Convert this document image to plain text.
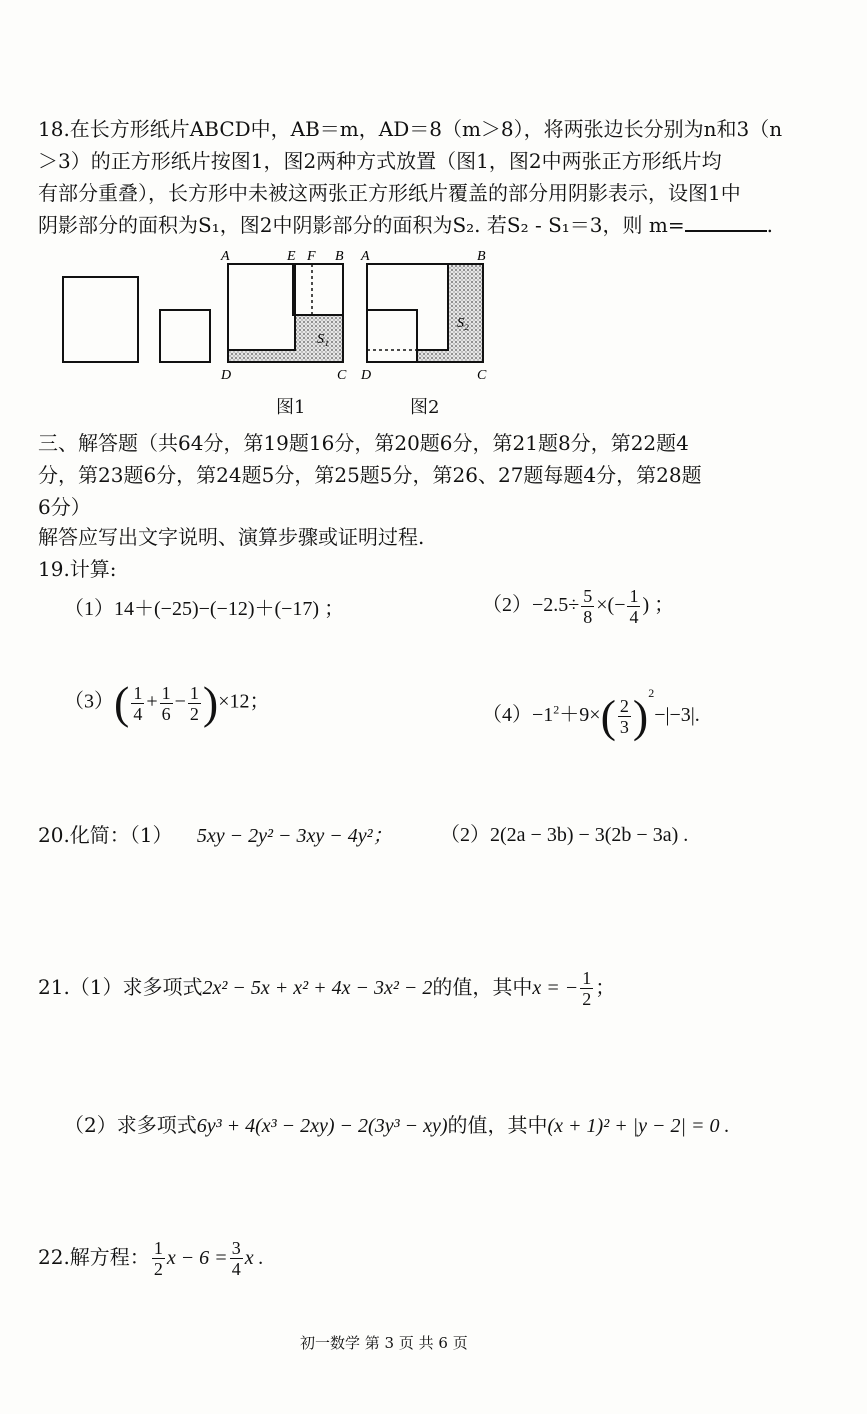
18.在长方形纸片ABCD中，AB＝m，AD＝8（m＞8），将两张边长分别为n和3（n
＞3）的正方形纸片按图1，图2两种方式放置（图1，图2中两张正方形纸片均
有部分重叠），长方形中未被这两张正方形纸片覆盖的部分用阴影表示，设图1中
阴影部分的面积为S₁，图2中阴影部分的面积为S₂. 若S₂ - S₁＝3，则 m=	.
S₁
A	E F B
D	C
S₂
A	B
D	C
图1	图2
三、解答题（共64分，第19题16分，第20题6分，第21题8分，第22题4
分，第23题6分，第24题5分，第25题5分，第26、27题每题4分，第28题
6分）
解答应写出文字说明、演算步骤或证明过程.
19.计算:
（1）14＋(−25)−(−12)＋(−17) ；	$(2)-2.5\div \frac{5}{8}$ ×(− $\frac{1}{4}$ ) ；
$(3)( \frac{1}{4} + \frac{1}{6} - \frac{1}{2} )\times 12$；
$(4)-1^2+9\times( \frac{2}{3} )^2-|-3|$.
20.化简：（1） 5xy − 2y² − 3xy − 4y²； （2）2(2a − 3b) − 3(2b − 3a) .
21.（1）求多项式2x² − 5x + x² + 4x − 3x² − 2的值，其中x = − $\frac{1}{2}$ ；
（2）求多项式6y³ + 4(x³ − 2xy) − 2(3y³ − xy)的值，其中(x + 1)² + |y − 2| = 0 .
22.解方程： $\frac{1}{2}$ $x - 6 = \frac{3}{4}$ x .
初一数学 第 3 页 共 6 页
